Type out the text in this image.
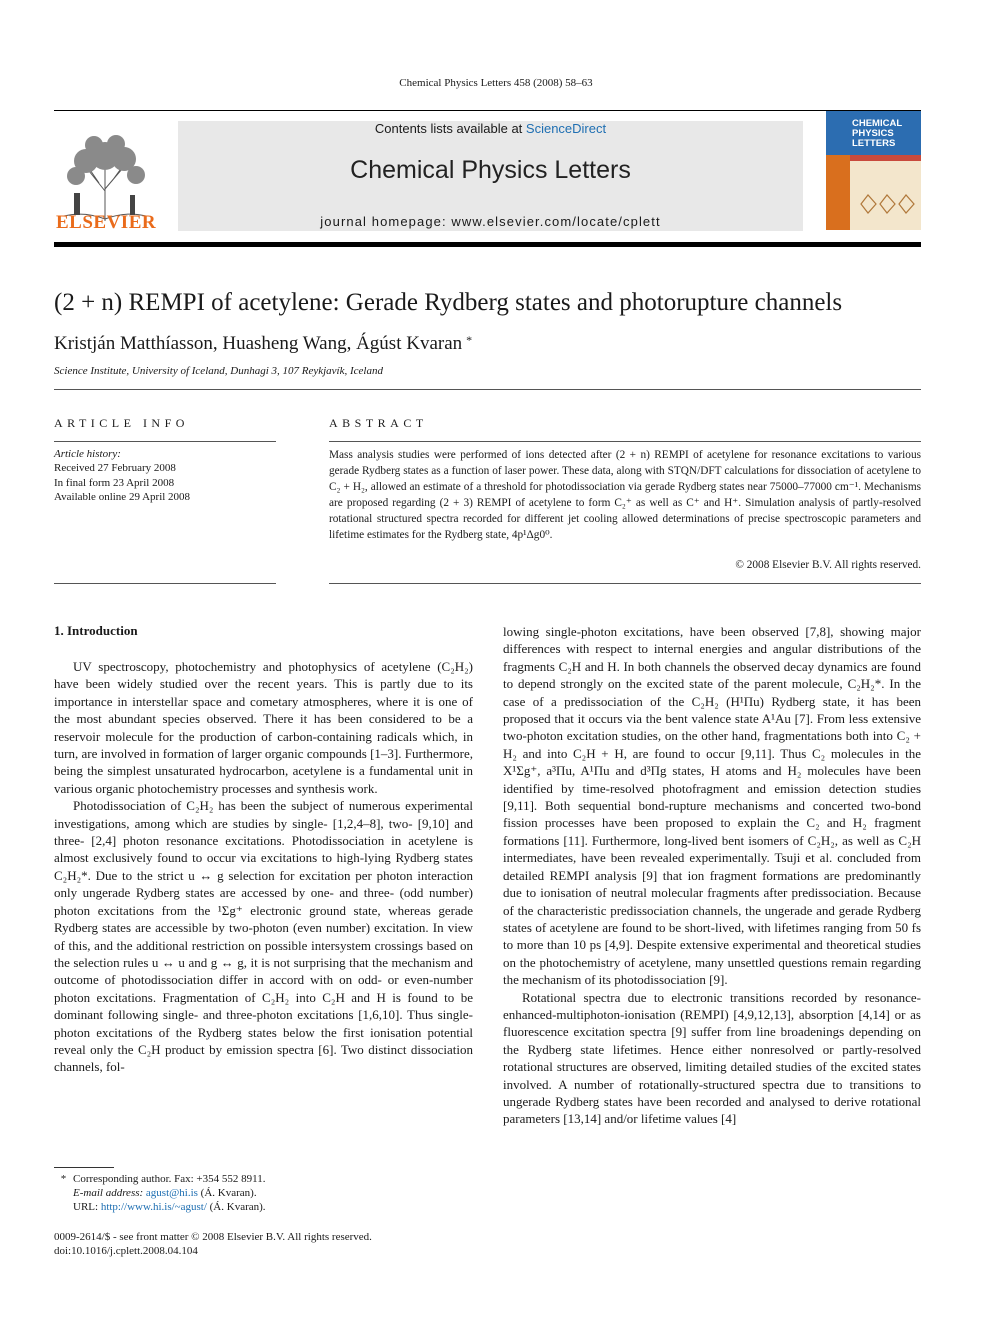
Chemical Physics Letters 458 (2008) 58–63
ELSEVIER
Contents lists available at ScienceDirect
Chemical Physics Letters
journal homepage: www.elsevier.com/locate/cplett
CHEMICAL
PHYSICS
LETTERS
(2 + n) REMPI of acetylene: Gerade Rydberg states and photorupture channels
Kristján Matthíasson, Huasheng Wang, Ágúst Kvaran *
Science Institute, University of Iceland, Dunhagi 3, 107 Reykjavík, Iceland
ARTICLE INFO	ABSTRACT
Article history:
Received 27 February 2008
In final form 23 April 2008
Available online 29 April 2008
Mass analysis studies were performed of ions detected after (2 + n) REMPI of acetylene for resonance excitations to various gerade Rydberg states as a function of laser power. These data, along with STQN/DFT calculations for dissociation of acetylene to C₂ + H₂, allowed an estimate of a threshold for photodissociation via gerade Rydberg states near 75000–77000 cm⁻¹. Mechanisms are proposed regarding (2 + 3) REMPI of acetylene to form C₂⁺ as well as C⁺ and H⁺. Simulation analysis of partly-resolved rotational structured spectra recorded for different jet cooling allowed determinations of precise spectroscopic parameters and lifetime estimates for the Rydberg state, 4p¹Δg0⁰.
© 2008 Elsevier B.V. All rights reserved.
1. Introduction

UV spectroscopy, photochemistry and photophysics of acetylene (C₂H₂) have been widely studied over the recent years. This is partly due to its importance in interstellar space and cometary atmospheres, where it is one of the most abundant species observed. There it has been considered to be a reservoir molecule for the production of carbon-containing radicals which, in turn, are involved in formation of larger organic compounds [1–3]. Furthermore, being the simplest unsaturated hydrocarbon, acetylene is a fundamental unit in various organic photochemistry processes and synthesis work.

Photodissociation of C₂H₂ has been the subject of numerous experimental investigations, among which are studies by single- [1,2,4–8], two- [9,10] and three- [2,4] photon resonance excitations. Photodissociation in acetylene is almost exclusively found to occur via excitations to high-lying Rydberg states C₂H₂*. Due to the strict u ↔ g selection for excitation per photon interaction only ungerade Rydberg states are accessed by one- and three- (odd number) photon excitations from the ¹Σg⁺ electronic ground state, whereas gerade Rydberg states are accessible by two-photon (even number) excitation. In view of this, and the additional restriction on possible intersystem crossings based on the selection rules u ↔ u and g ↔ g, it is not surprising that the mechanism and outcome of photodissociation differ in accord with on odd- or even-number photon excitations. Fragmentation of C₂H₂ into C₂H and H is found to be dominant following single- and three-photon excitations [1,6,10]. Thus single-photon excitations of the Rydberg states below the first ionisation potential reveal only the C₂H product by emission spectra [6]. Two distinct dissociation channels, fol-

lowing single-photon excitations, have been observed [7,8], showing major differences with respect to internal energies and angular distributions of the fragments C₂H and H. In both channels the observed decay dynamics are found to depend strongly on the excited state of the parent molecule, C₂H₂*. In the case of a predissociation of the C₂H₂ (H¹Πu) Rydberg state, it has been proposed that it occurs via the bent valence state A¹Au [7]. From less extensive two-photon excitation studies, on the other hand, fragmentations both into C₂ + H₂ and into C₂H + H, are found to occur [9,11]. Thus C₂ molecules in the X¹Σg⁺, a³Πu, A¹Πu and d³Πg states, H atoms and H₂ molecules have been identified by time-resolved photofragment and emission detection studies [9,11]. Both sequential bond-rupture mechanisms and concerted two-bond fission processes have been proposed to explain the C₂ and H₂ fragment formations [11]. Furthermore, long-lived bent isomers of C₂H₂, as well as C₂H intermediates, have been revealed experimentally. Tsuji et al. concluded from detailed REMPI analysis [9] that ion fragment formations are predominantly due to ionisation of neutral molecular fragments after predissociation. Because of the characteristic predissociation channels, the ungerade and gerade Rydberg states of acetylene are found to be short-lived, with lifetimes ranging from 50 fs to more than 10 ps [4,9]. Despite extensive experimental and theoretical studies on the photochemistry of acetylene, many unsettled questions remain regarding the mechanism of its photodissociation [9].

Rotational spectra due to electronic transitions recorded by resonance-enhanced-multiphoton-ionisation (REMPI) [4,9,12,13], absorption [4,14] or as fluorescence excitation spectra [9] suffer from line broadenings depending on the Rydberg state lifetimes. Hence either nonresolved or partly-resolved rotational structures are observed, limiting detailed studies of the excited states involved. A number of rotationally-structured spectra due to transitions to ungerade Rydberg states have been recorded and analysed to derive rotational parameters [13,14] and/or lifetime values [4]

* Corresponding author. Fax: +354 552 8911.
E-mail address: agust@hi.is (Á. Kvaran).
URL: http://www.hi.is/~agust/ (Á. Kvaran).
0009-2614/$ - see front matter © 2008 Elsevier B.V. All rights reserved.
doi:10.1016/j.cplett.2008.04.104
